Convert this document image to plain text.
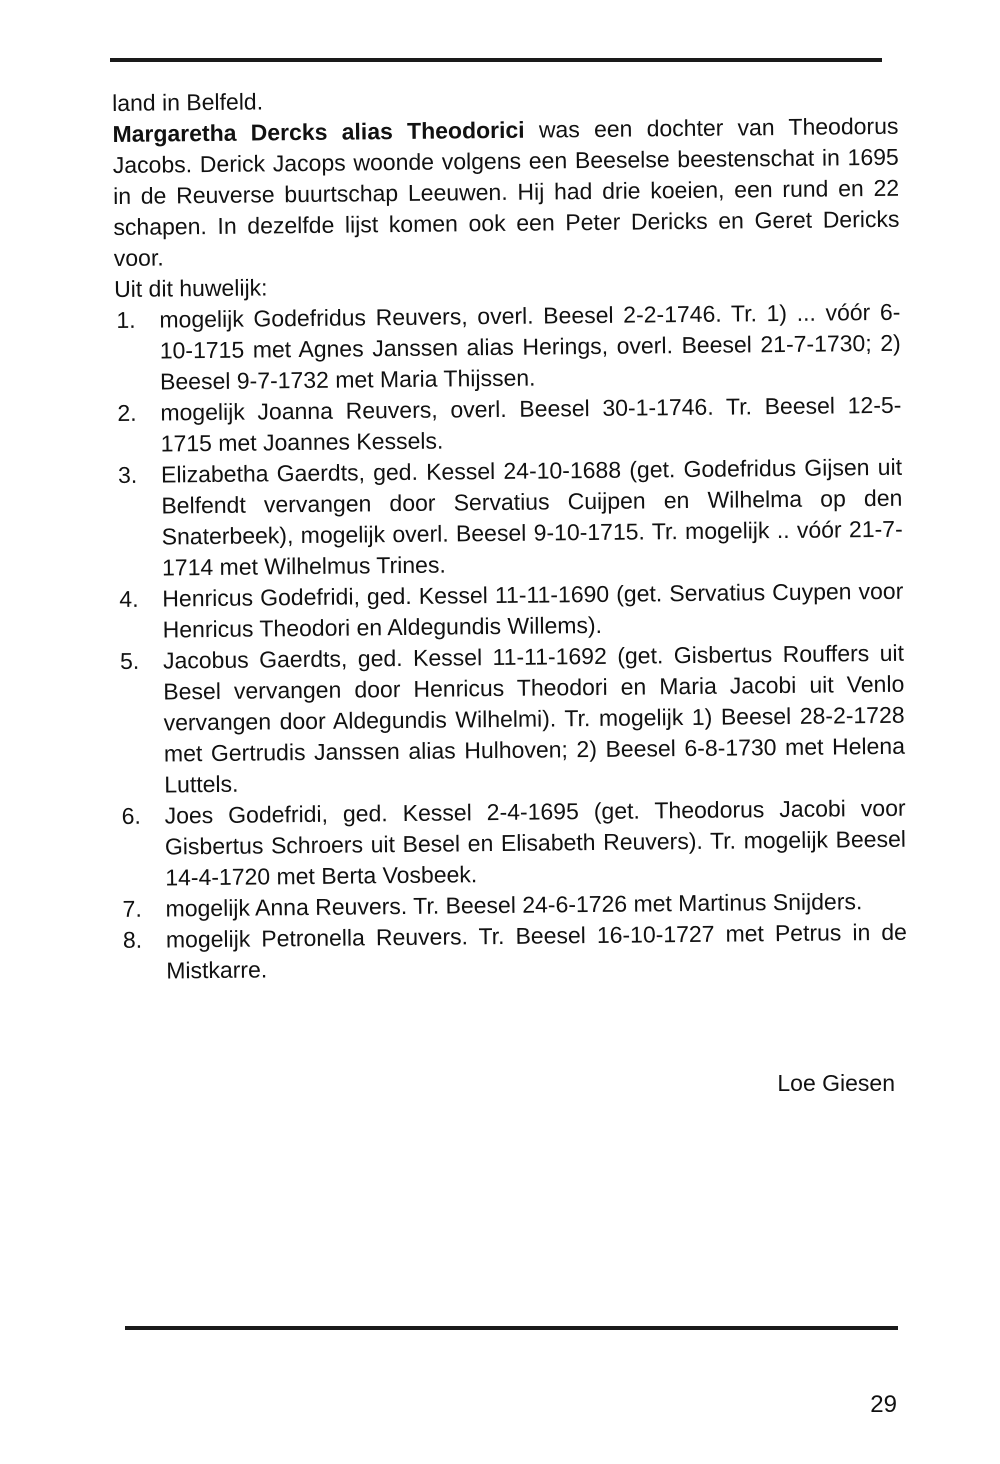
land in Belfeld.

Margaretha Dercks alias Theodorici was een dochter van Theodorus Jacobs. Derick Jacops woonde volgens een Beeselse beestenschat in 1695 in de Reuverse buurtschap Leeuwen. Hij had drie koeien, een rund en 22 schapen. In dezelfde lijst komen ook een Peter Dericks en Geret Dericks voor.

Uit dit huwelijk:

1. mogelijk Godefridus Reuvers, overl. Beesel 2-2-1746. Tr. 1) ... vóór 6-10-1715 met Agnes Janssen alias Herings, overl. Beesel 21-7-1730; 2) Beesel 9-7-1732 met Maria Thijssen.
2. mogelijk Joanna Reuvers, overl. Beesel 30-1-1746. Tr. Beesel 12-5-1715 met Joannes Kessels.
3. Elizabetha Gaerdts, ged. Kessel 24-10-1688 (get. Godefridus Gijsen uit Belfendt vervangen door Servatius Cuijpen en Wilhelma op den Snaterbeek), mogelijk overl. Beesel 9-10-1715. Tr. mogelijk .. vóór 21-7-1714 met Wilhelmus Trines.
4. Henricus Godefridi, ged. Kessel 11-11-1690 (get. Servatius Cuypen voor Henricus Theodori en Aldegundis Willems).
5. Jacobus Gaerdts, ged. Kessel 11-11-1692 (get. Gisbertus Rouffers uit Besel vervangen door Henricus Theodori en Maria Jacobi uit Venlo vervangen door Aldegundis Wilhelmi). Tr. mogelijk 1) Beesel 28-2-1728 met Gertrudis Janssen alias Hulhoven; 2) Beesel 6-8-1730 met Helena Luttels.
6. Joes Godefridi, ged. Kessel 2-4-1695 (get. Theodorus Jacobi voor Gisbertus Schroers uit Besel en Elisabeth Reuvers). Tr. mogelijk Beesel 14-4-1720 met Berta Vosbeek.
7. mogelijk Anna Reuvers. Tr. Beesel 24-6-1726 met Martinus Snijders.
8. mogelijk Petronella Reuvers. Tr. Beesel 16-10-1727 met Petrus in de Mistkarre.
Loe Giesen
29
